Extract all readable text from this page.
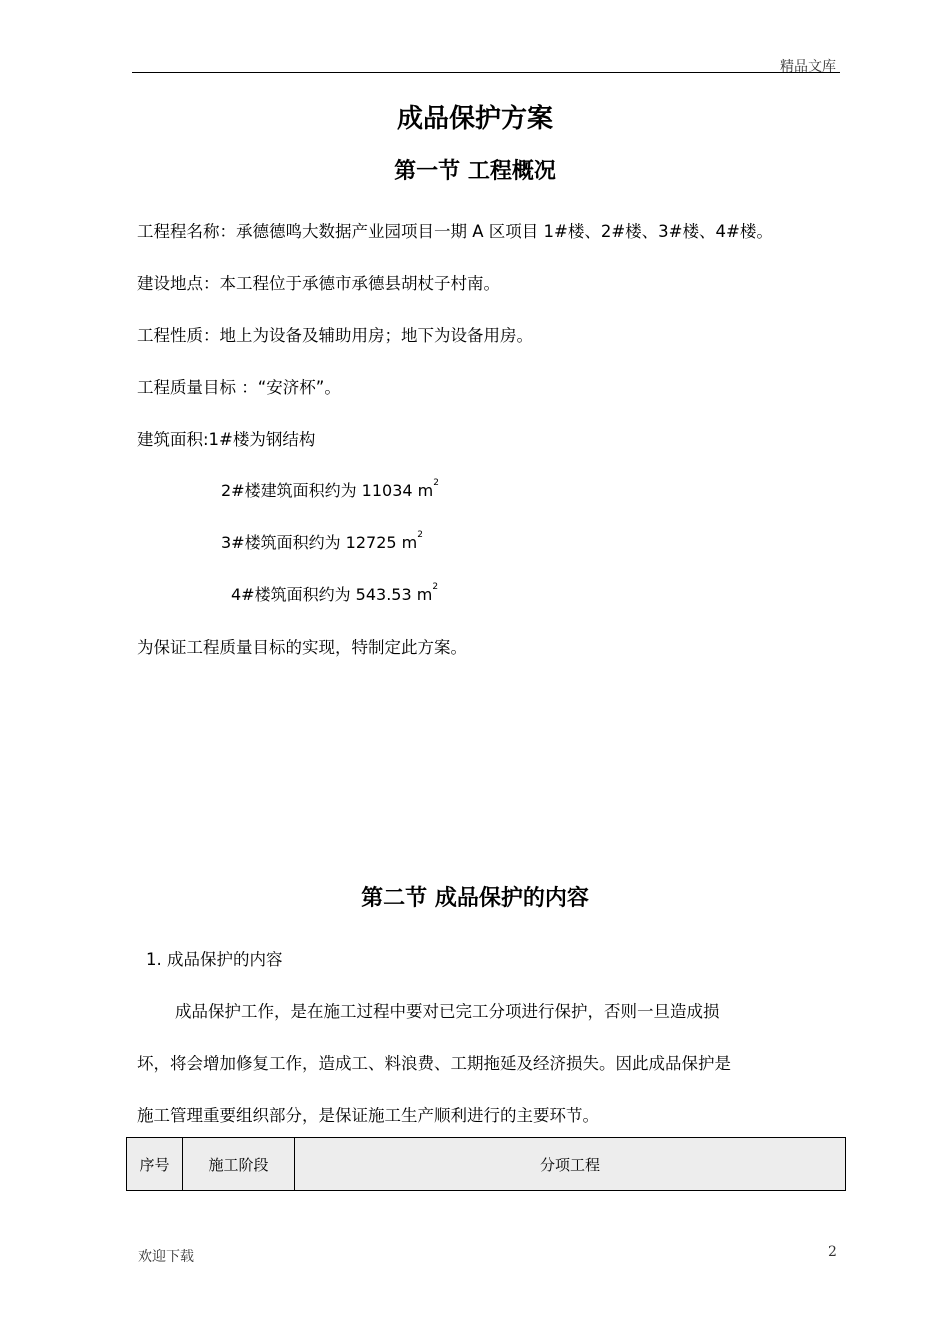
精品文库
成品保护方案
第一节 工程概况
工程程名称：承德德鸣大数据产业园项目一期 A 区项目 1#楼、2#楼、3#楼、4#楼。
建设地点：本工程位于承德市承德县胡杖子村南。
工程性质：地上为设备及辅助用房；地下为设备用房。
工程质量目标 ：“安济杯”。
建筑面积:1#楼为钢结构
2#楼建筑面积约为 11034 $m^2$
3#楼筑面积约为 12725 $m^2$
4#楼筑面积约为 543.53 $m^2$
为保证工程质量目标的实现，特制定此方案。
第二节 成品保护的内容
1. 成品保护的内容
成品保护工作，是在施工过程中要对已完工分项进行保护，否则一旦造成损
坏，将会增加修复工作，造成工、料浪费、工期拖延及经济损失。因此成品保护是
施工管理重要组织部分，是保证施工生产顺利进行的主要环节。
序号	施工阶段	分项工程
欢迎下载	2
